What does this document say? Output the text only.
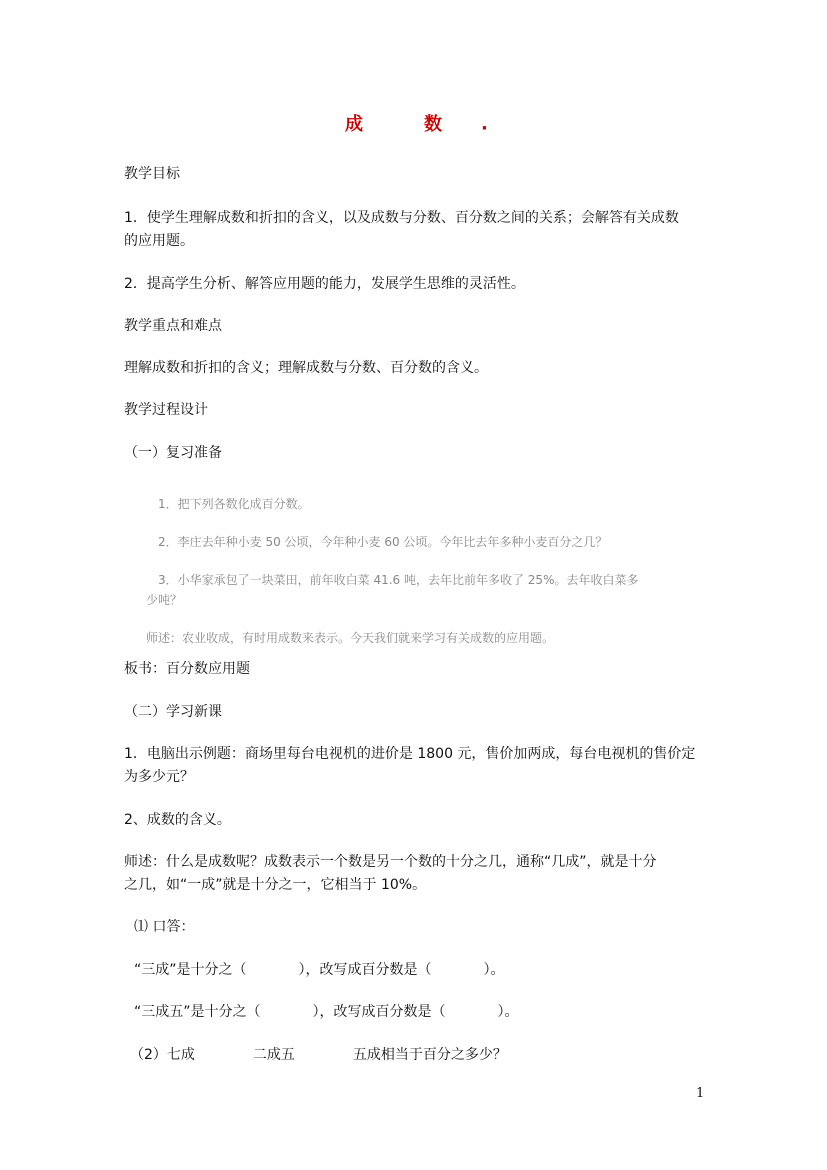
成	数 ·
教学目标
1．使学生理解成数和折扣的含义，以及成数与分数、百分数之间的关系；会解答有关成数
的应用题。
2．提高学生分析、解答应用题的能力，发展学生思维的灵活性。
教学重点和难点
理解成数和折扣的含义；理解成数与分数、百分数的含义。
教学过程设计
（一）复习准备
1．把下列各数化成百分数。
2．李庄去年种小麦 50 公顷，今年种小麦 60 公顷。今年比去年多种小麦百分之几？
3．小华家承包了一块菜田，前年收白菜 41.6 吨，去年比前年多收了 25%。去年收白菜多
少吨？
师述：农业收成，有时用成数来表示。今天我们就来学习有关成数的应用题。
板书：百分数应用题
（二）学习新课
1．电脑出示例题：商场里每台电视机的进价是 1800 元，售价加两成，每台电视机的售价定
为多少元？
2、成数的含义。
师述：什么是成数呢？成数表示一个数是另一个数的十分之几，通称“几成”，就是十分
之几，如“一成”就是十分之一，它相当于 10%。
⑴ 口答：
“三成”是十分之（	），改写成百分数是（	）。
“三成五”是十分之（	），改写成百分数是（	）。
（2）七成	二成五	五成相当于百分之多少？
1
